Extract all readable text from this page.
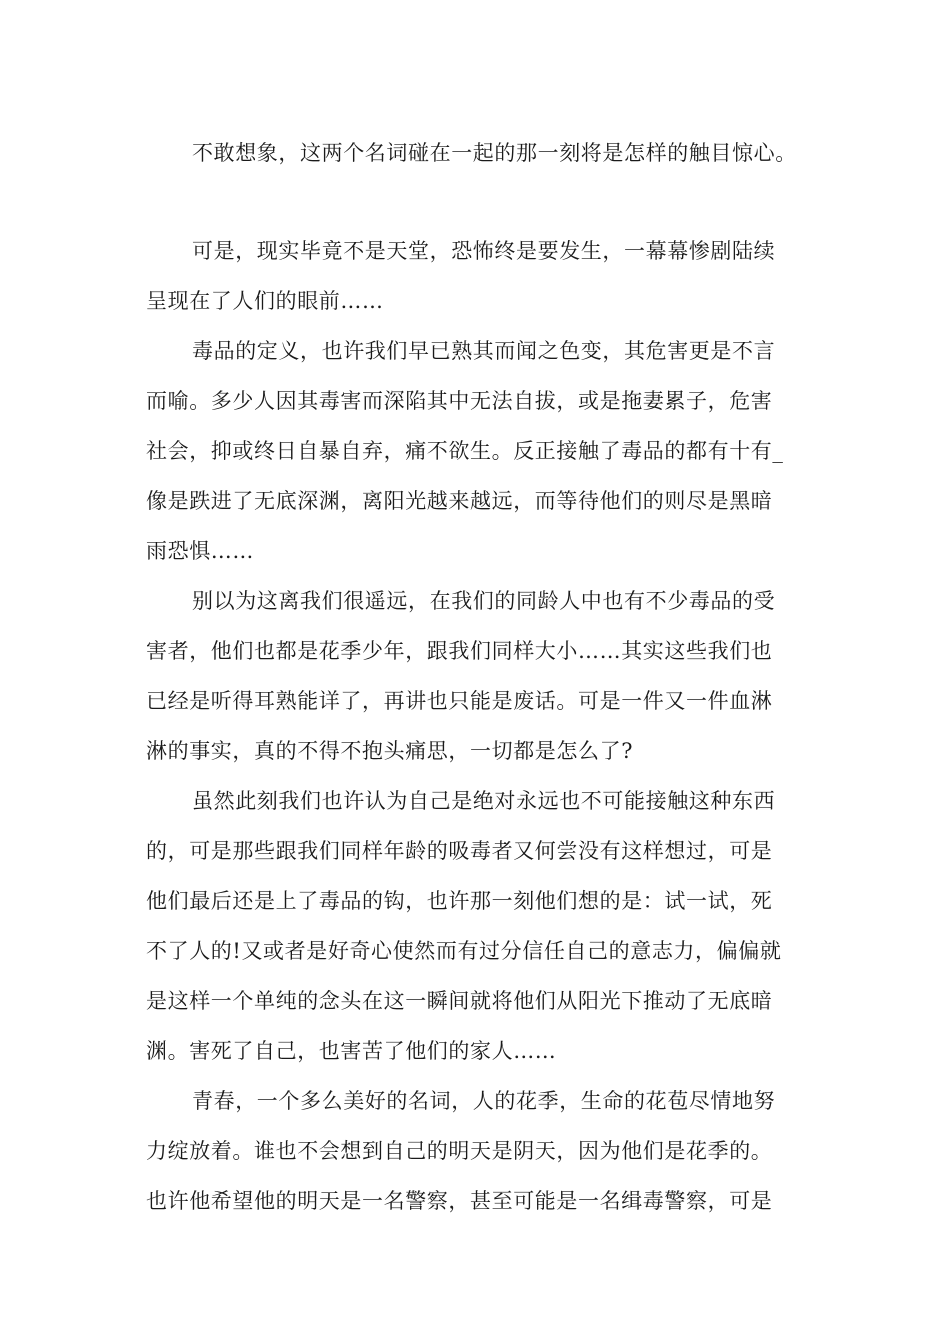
不敢想象，这两个名词碰在一起的那一刻将是怎样的触目惊心。
可是，现实毕竟不是天堂，恐怖终是要发生，一幕幕惨剧陆续
呈现在了人们的眼前……
毒品的定义，也许我们早已熟其而闻之色变，其危害更是不言
而喻。多少人因其毒害而深陷其中无法自拔，或是拖妻累子，危害
社会，抑或终日自暴自弃，痛不欲生。反正接触了毒品的都有十有_
像是跌进了无底深渊，离阳光越来越远，而等待他们的则尽是黑暗
雨恐惧……
别以为这离我们很遥远，在我们的同龄人中也有不少毒品的受
害者，他们也都是花季少年，跟我们同样大小……其实这些我们也
已经是听得耳熟能详了，再讲也只能是废话。可是一件又一件血淋
淋的事实，真的不得不抱头痛思，一切都是怎么了?
虽然此刻我们也许认为自己是绝对永远也不可能接触这种东西
的，可是那些跟我们同样年龄的吸毒者又何尝没有这样想过，可是
他们最后还是上了毒品的钩，也许那一刻他们想的是：试一试，死
不了人的!又或者是好奇心使然而有过分信任自己的意志力，偏偏就
是这样一个单纯的念头在这一瞬间就将他们从阳光下推动了无底暗
渊。害死了自己，也害苦了他们的家人……
青春，一个多么美好的名词，人的花季，生命的花苞尽情地努
力绽放着。谁也不会想到自己的明天是阴天，因为他们是花季的。
也许他希望他的明天是一名警察，甚至可能是一名缉毒警察，可是
